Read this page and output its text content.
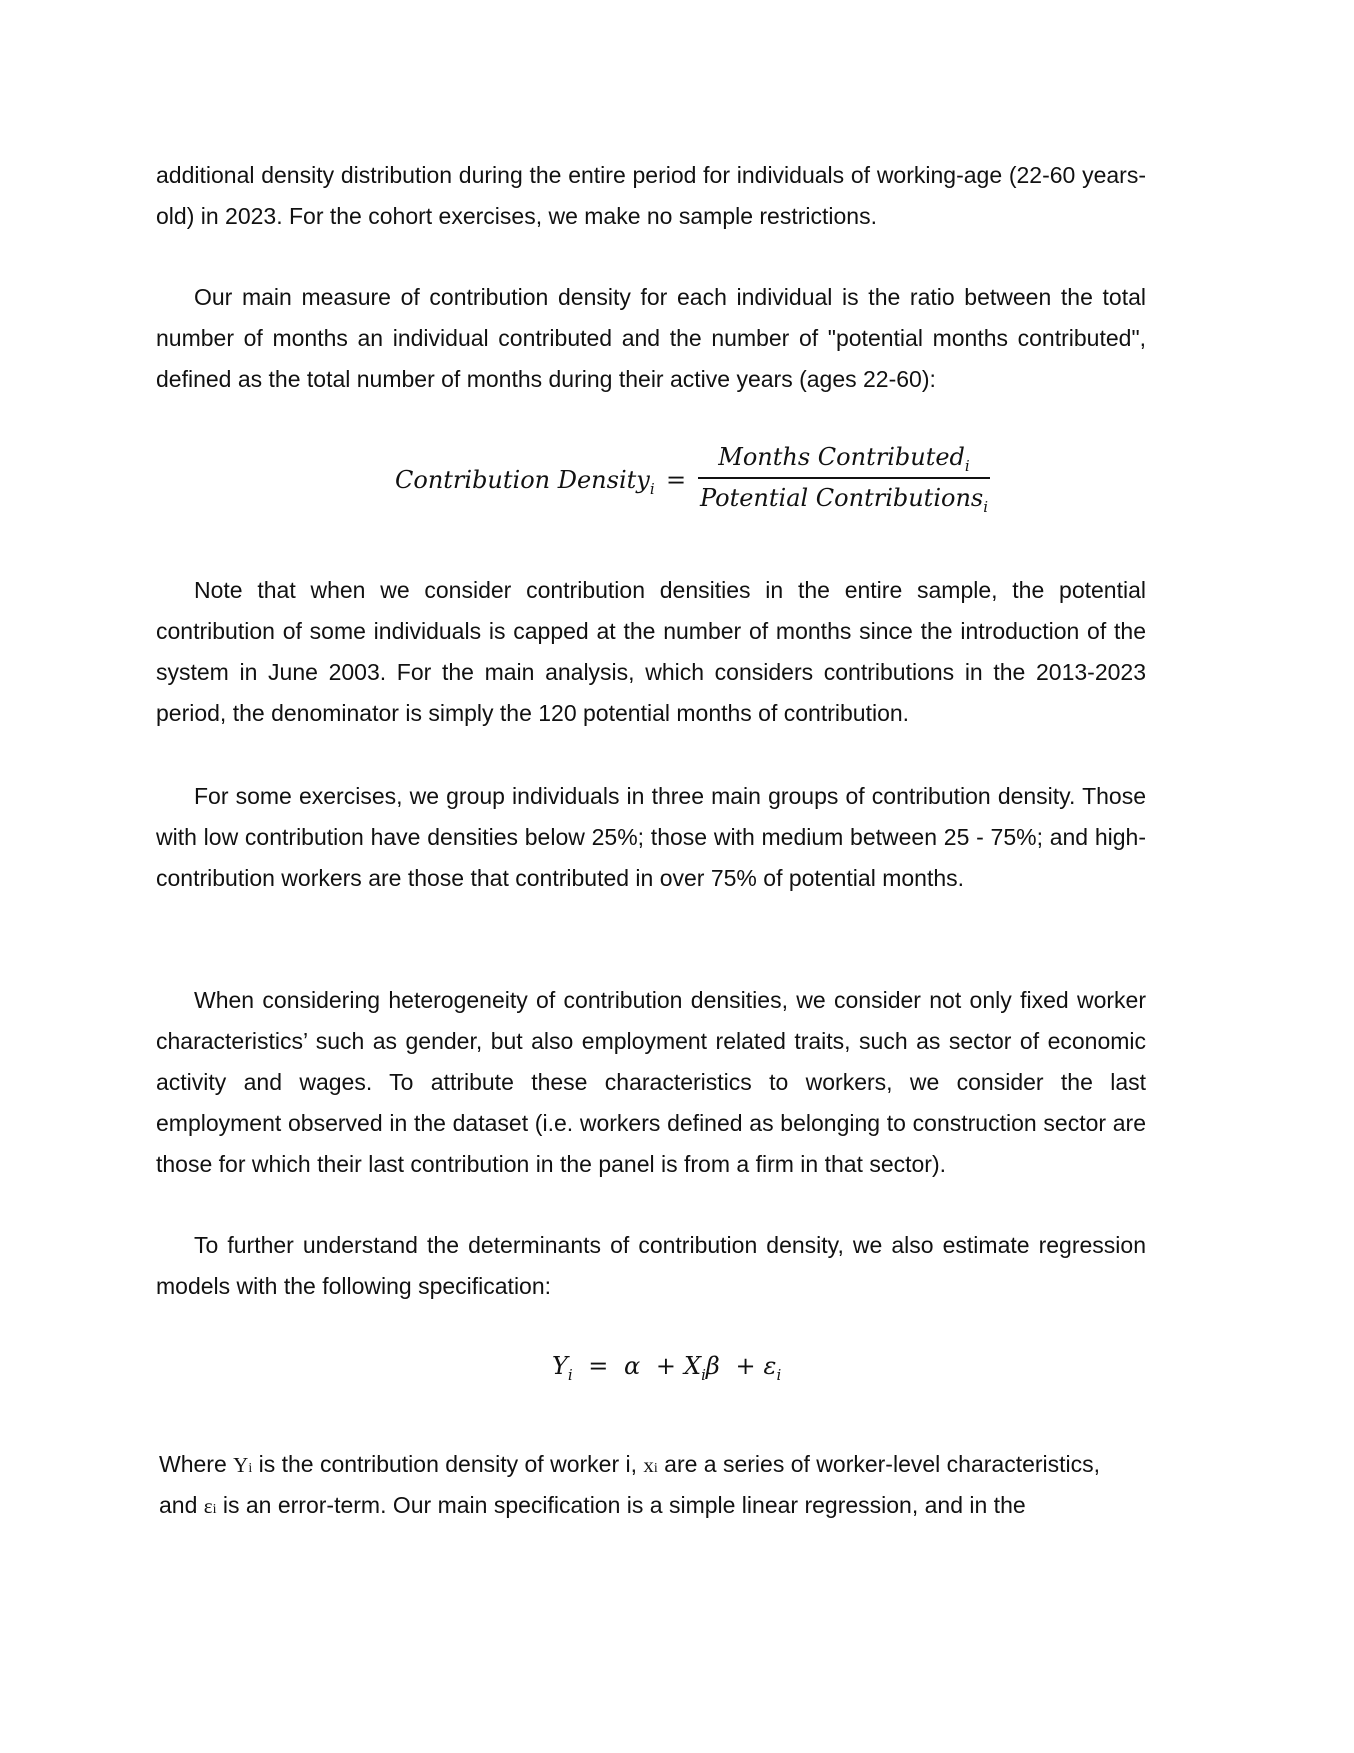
additional density distribution during the entire period for individuals of working-age (22-60 years-old) in 2023. For the cohort exercises, we make no sample restrictions.

Our main measure of contribution density for each individual is the ratio between the total number of months an individual contributed and the number of "potential months contributed", defined as the total number of months during their active years (ages 22-60):

Contribution Density$_i$ =
Months Contributed$_i$
Potential Contributions$_i$

Note that when we consider contribution densities in the entire sample, the potential contribution of some individuals is capped at the number of months since the introduction of the system in June 2003. For the main analysis, which considers contributions in the 2013-2023 period, the denominator is simply the 120 potential months of contribution.

For some exercises, we group individuals in three main groups of contribution density. Those with low contribution have densities below 25%; those with medium between 25 - 75%; and high-contribution workers are those that contributed in over 75% of potential months.

When considering heterogeneity of contribution densities, we consider not only fixed worker characteristics’ such as gender, but also employment related traits, such as sector of economic activity and wages. To attribute these characteristics to workers, we consider the last employment observed in the dataset (i.e. workers defined as belonging to construction sector are those for which their last contribution in the panel is from a firm in that sector).

To further understand the determinants of contribution density, we also estimate regression models with the following specification:

$Y_i = \alpha + X_i\beta + \varepsilon_i$

Where Yi is the contribution density of worker i, xi are a series of worker-level characteristics,
and εi is an error-term. Our main specification is a simple linear regression, and in the
